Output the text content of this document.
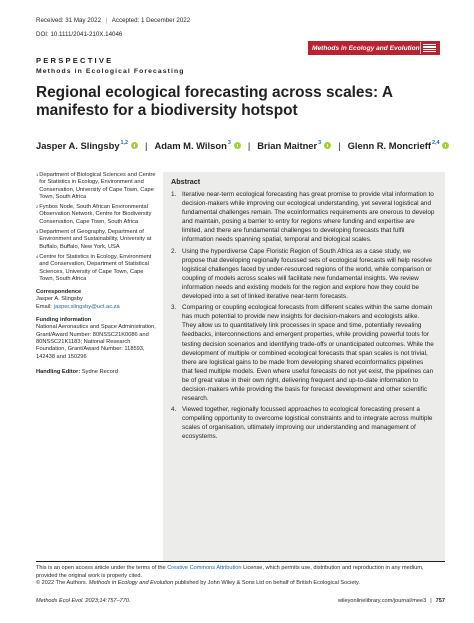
Received: 31 May 2022 | Accepted: 1 December 2022
DOI: 10.1111/2041-210X.14046
Methods in Ecology and Evolution
PERSPECTIVE
Methods in Ecological Forecasting
Regional ecological forecasting across scales: A manifesto for a biodiversity hotspot
Jasper A. Slingsby$^{1,2}$ | Adam M. Wilson$^3$ | Brian Maitner$^3$ | Glenn R. Moncrieff$^{2,4}$
1 Department of Biological Sciences and Centre for Statistics in Ecology, Environment and Conservation, University of Cape Town, Cape Town, South Africa
2 Fynbos Node, South African Environmental Observation Network, Centre for Biodiversity Conservation, Cape Town, South Africa
3 Department of Geography, Department of Environment and Sustainability, University at Buffalo, Buffalo, New York, USA
4 Centre for Statistics in Ecology, Environment and Conservation, Department of Statistical Sciences, University of Cape Town, Cape Town, South Africa
Correspondence
Jasper A. Slingsby
Email: jasper.slingsby@uct.ac.za
Funding information
National Aeronautics and Space Administration, Grant/Award Number: 80NSSC21K0086 and 80NSSC21K1183; National Research Foundation, Grant/Award Number: 118593, 142438 and 150296
Handling Editor: Sydne Record
Abstract
1. Iterative near-term ecological forecasting has great promise to provide vital information to decision-makers while improving our ecological understanding, yet several logistical and fundamental challenges remain. The ecoinformatics requirements are onerous to develop and maintain, posing a barrier to entry for regions where funding and expertise are limited, and there are fundamental challenges to developing forecasts that fulfil information needs spanning spatial, temporal and biological scales.
2. Using the hyperdiverse Cape Floristic Region of South Africa as a case study, we propose that developing regionally focussed sets of ecological forecasts will help resolve logistical challenges faced by under-resourced regions of the world, while comparison or coupling of models across scales will facilitate new fundamental insights. We review information needs and existing models for the region and explore how they could be developed into a set of linked iterative near-term forecasts.
3. Comparing or coupling ecological forecasts from different scales within the same domain has much potential to provide new insights for decision-makers and ecologists alike. They allow us to quantitatively link processes in space and time, potentially revealing feedbacks, interconnections and emergent properties, while providing powerful tools for testing decision scenarios and identifying trade-offs or unanticipated outcomes. While the development of multiple or combined ecological forecasts that span scales is not trivial, there are logistical gains to be made from developing shared ecoinformatics pipelines that feed multiple models. Even where useful forecasts do not yet exist, the pipelines can be of great value in their own right, delivering frequent and up-to-date information to decision-makers while providing the basis for forecast development and other scientific research.
4. Viewed together, regionally focussed approaches to ecological forecasting present a compelling opportunity to overcome logistical constraints and to integrate across multiple scales of organisation, ultimately improving our understanding and management of ecosystems.
This is an open access article under the terms of the Creative Commons Attribution License, which permits use, distribution and reproduction in any medium, provided the original work is properly cited.
© 2022 The Authors. Methods in Ecology and Evolution published by John Wiley & Sons Ltd on behalf of British Ecological Society.
Methods Ecol Evol. 2023;14:757–770.	wileyonlinelibrary.com/journal/mee3 | 757
